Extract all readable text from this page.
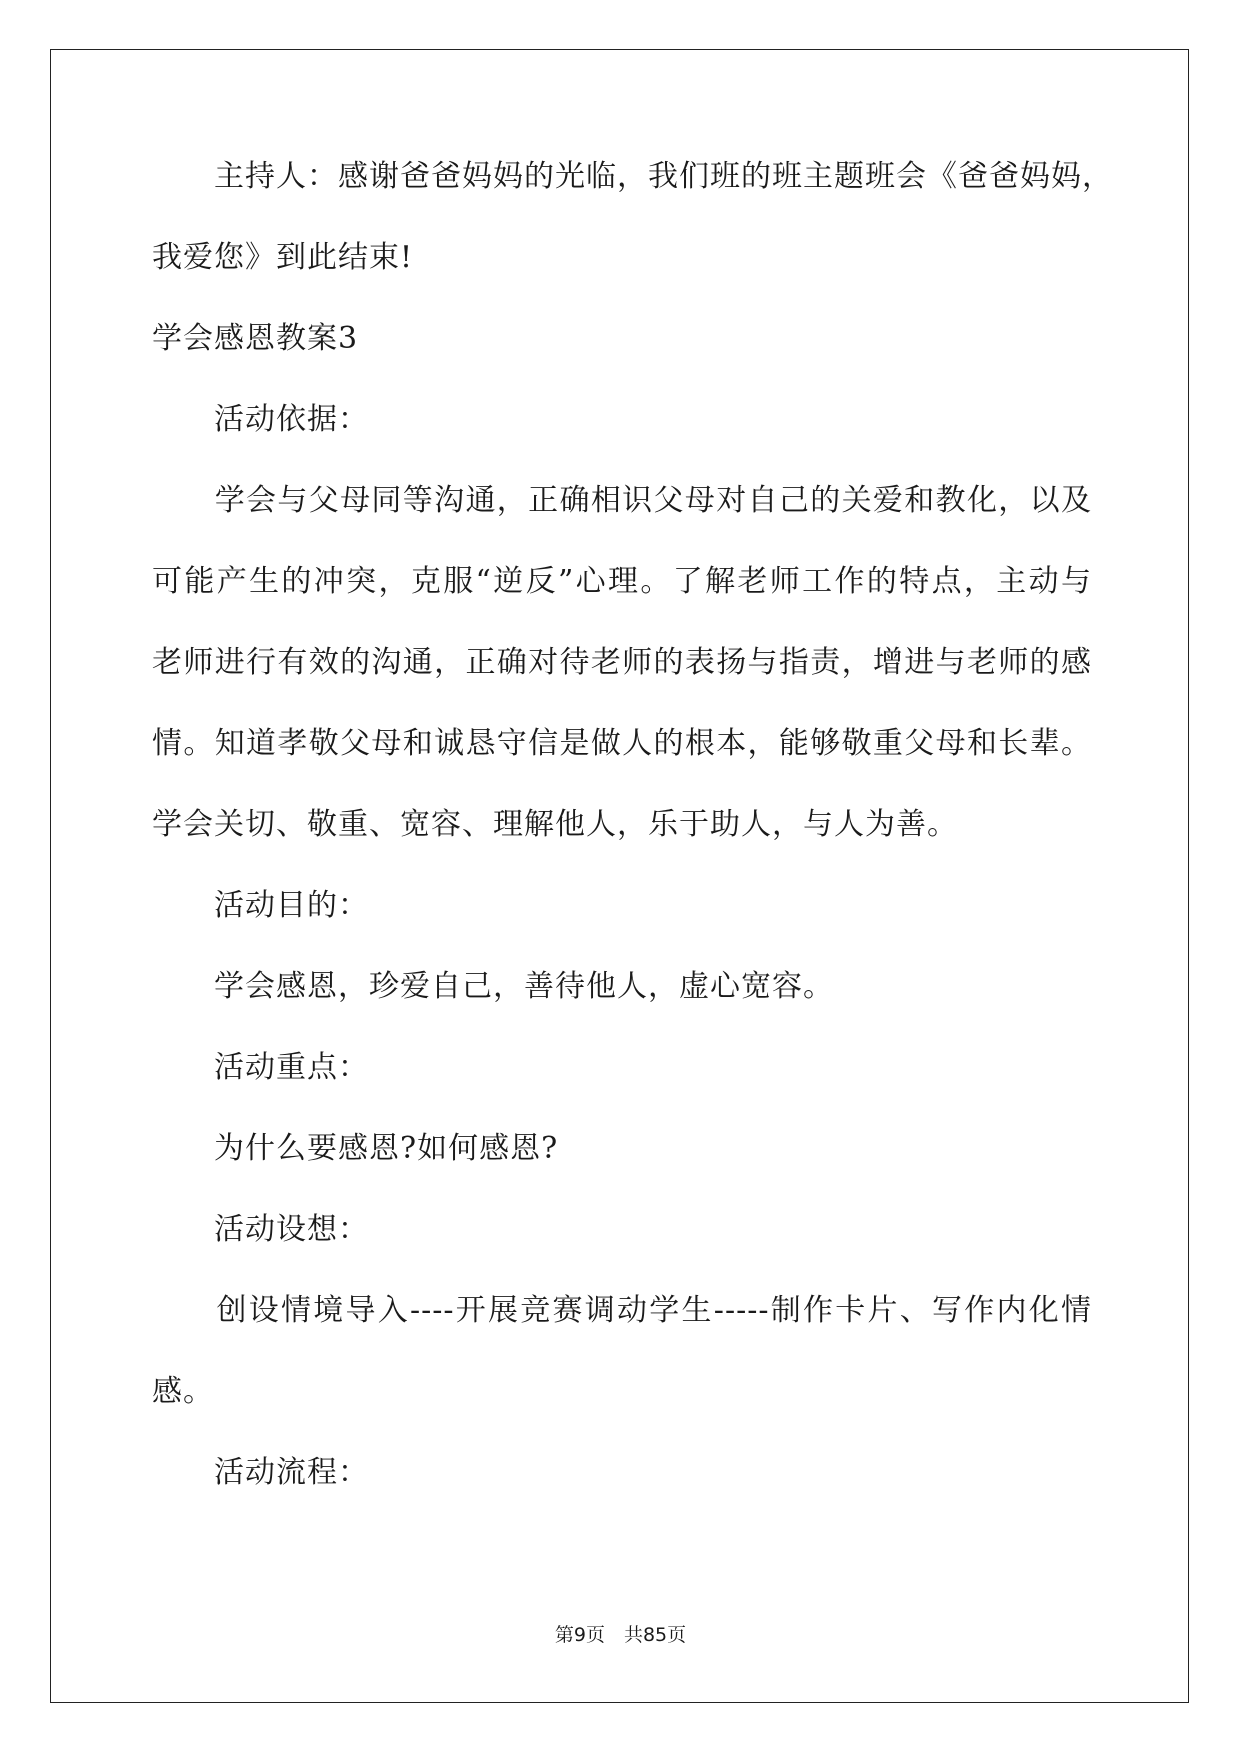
　　主持人：感谢爸爸妈妈的光临，我们班的班主题班会《爸爸妈妈，
我爱您》到此结束!
学会感恩教案3
　　活动依据：
　　学会与父母同等沟通，正确相识父母对自己的关爱和教化，以及
可能产生的冲突，克服“逆反”心理。了解老师工作的特点，主动与
老师进行有效的沟通，正确对待老师的表扬与指责，增进与老师的感
情。知道孝敬父母和诚恳守信是做人的根本，能够敬重父母和长辈。
学会关切、敬重、宽容、理解他人，乐于助人，与人为善。
　　活动目的：
　　学会感恩，珍爱自己，善待他人，虚心宽容。
　　活动重点：
　　为什么要感恩?如何感恩?
　　活动设想：
　　创设情境导入----开展竞赛调动学生-----制作卡片、写作内化情
感。
　　活动流程：
第9页　共85页
